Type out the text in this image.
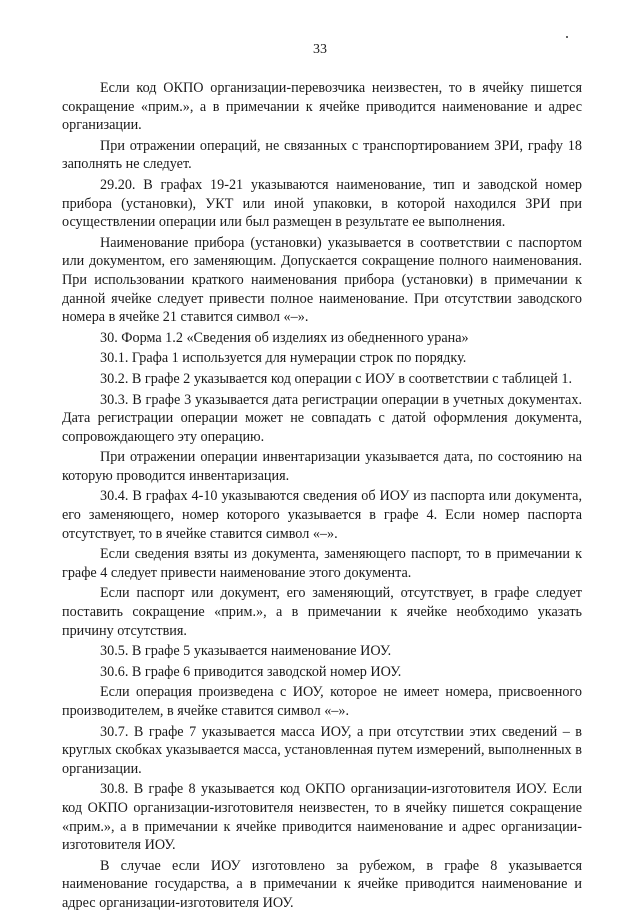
33

Если код ОКПО организации-перевозчика неизвестен, то в ячейку пишется сокращение «прим.», а в примечании к ячейке приводится наименование и адрес организации.

При отражении операций, не связанных с транспортированием ЗРИ, графу 18 заполнять не следует.

29.20. В графах 19-21 указываются наименование, тип и заводской номер прибора (установки), УКТ или иной упаковки, в которой находился ЗРИ при осуществлении операции или был размещен в результате ее выполнения.

Наименование прибора (установки) указывается в соответствии с паспортом или документом, его заменяющим. Допускается сокращение полного наименования. При использовании краткого наименования прибора (установки) в примечании к данной ячейке следует привести полное наименование. При отсутствии заводского номера в ячейке 21 ставится символ «–».

30. Форма 1.2 «Сведения об изделиях из обедненного урана»

30.1. Графа 1 используется для нумерации строк по порядку.

30.2. В графе 2 указывается код операции с ИОУ в соответствии с таблицей 1.

30.3. В графе 3 указывается дата регистрации операции в учетных документах. Дата регистрации операции может не совпадать с датой оформления документа, сопровождающего эту операцию.

При отражении операции инвентаризации указывается дата, по состоянию на которую проводится инвентаризация.

30.4. В графах 4-10 указываются сведения об ИОУ из паспорта или документа, его заменяющего, номер которого указывается в графе 4. Если номер паспорта отсутствует, то в ячейке ставится символ «–».

Если сведения взяты из документа, заменяющего паспорт, то в примечании к графе 4 следует привести наименование этого документа.

Если паспорт или документ, его заменяющий, отсутствует, в графе следует поставить сокращение «прим.», а в примечании к ячейке необходимо указать причину отсутствия.

30.5. В графе 5 указывается наименование ИОУ.

30.6. В графе 6 приводится заводской номер ИОУ.

Если операция произведена с ИОУ, которое не имеет номера, присвоенного производителем, в ячейке ставится символ «–».

30.7. В графе 7 указывается масса ИОУ, а при отсутствии этих сведений – в круглых скобках указывается масса, установленная путем измерений, выполненных в организации.

30.8. В графе 8 указывается код ОКПО организации-изготовителя ИОУ. Если код ОКПО организации-изготовителя неизвестен, то в ячейку пишется сокращение «прим.», а в примечании к ячейке приводится наименование и адрес организации-изготовителя ИОУ.

В случае если ИОУ изготовлено за рубежом, в графе 8 указывается наименование государства, а в примечании к ячейке приводится наименование и адрес организации-изготовителя ИОУ.
